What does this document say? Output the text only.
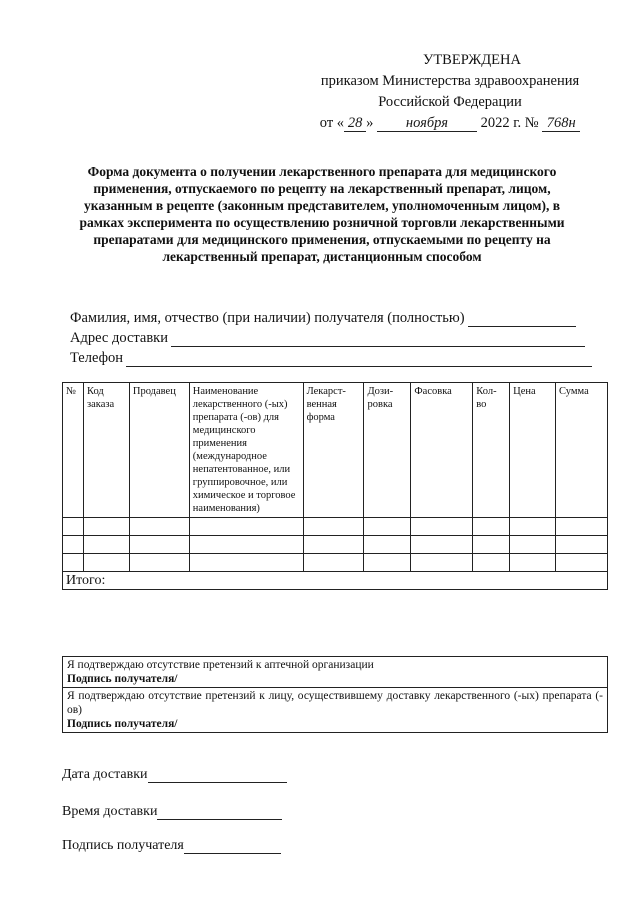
УТВЕРЖДЕНА
приказом Министерства здравоохранения
Российской Федерации
от « 28 » ноября 2022 г. № 768н
Форма документа о получении лекарственного препарата для медицинского применения, отпускаемого по рецепту на лекарственный препарат, лицом, указанным в рецепте (законным представителем, уполномоченным лицом), в рамках эксперимента по осуществлению розничной торговли лекарственными препаратами для медицинского применения, отпускаемыми по рецепту на лекарственный препарат, дистанционным способом
Фамилия, имя, отчество (при наличии) получателя (полностью)
Адрес доставки
Телефон
№	Код заказа	Продавец	Наименование лекарственного (-ых) препарата (-ов) для медицинского применения (международное непатентованное, или группировочное, или химическое и торговое наименования)	Лекарст-венная форма	Дози-ровка	Фасовка	Кол-во	Цена	Сумма

Итого:									
Я подтверждаю отсутствие претензий к аптечной организации
Подпись получателя/

Я подтверждаю отсутствие претензий к лицу, осуществившему доставку лекарственного (-ых) препарата (-ов)
Подпись получателя/
Дата доставки
Время доставки
Подпись получателя
